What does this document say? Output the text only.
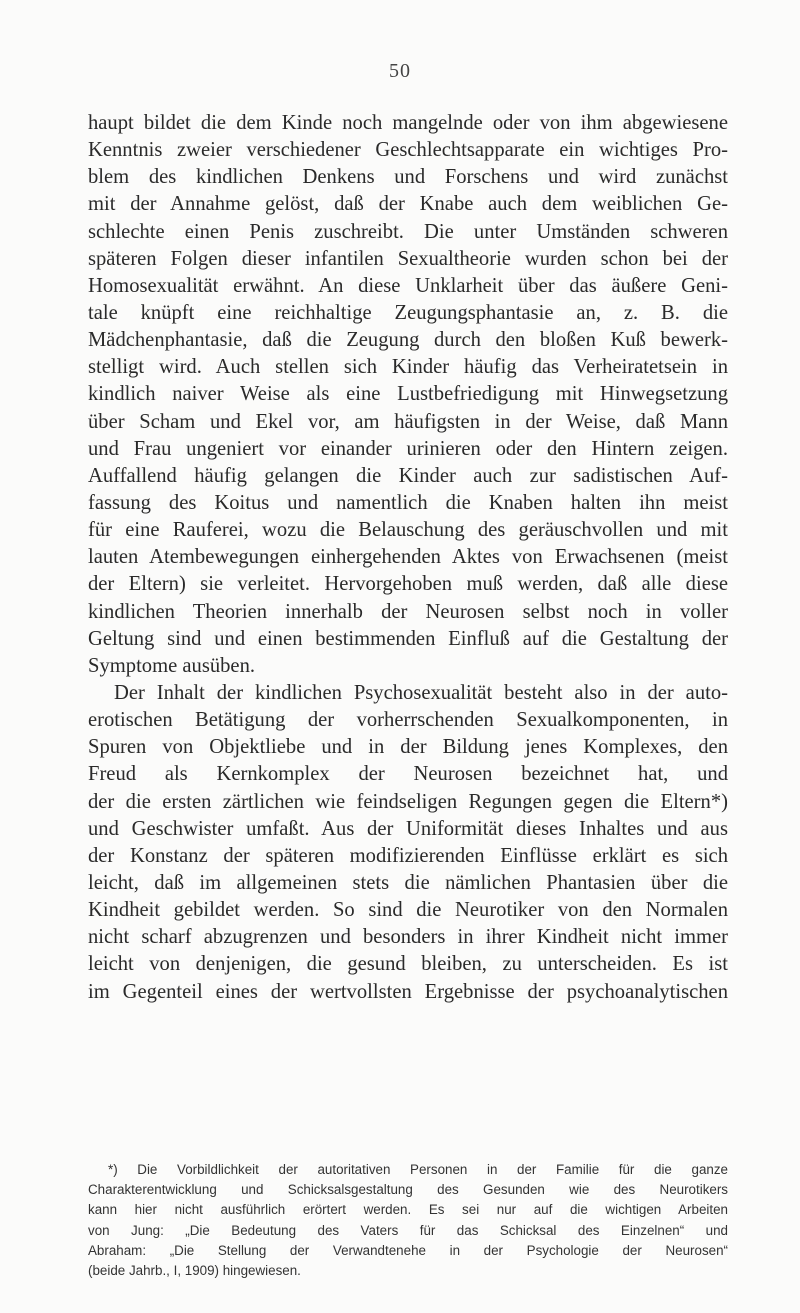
50
haupt bildet die dem Kinde noch mangelnde oder von ihm abgewiesene
Kenntnis zweier verschiedener Geschlechtsapparate ein wichtiges Pro-
blem des kindlichen Denkens und Forschens und wird zunächst
mit der Annahme gelöst, daß der Knabe auch dem weiblichen Ge-
schlechte einen Penis zuschreibt. Die unter Umständen schweren
späteren Folgen dieser infantilen Sexualtheorie wurden schon bei der
Homosexualität erwähnt. An diese Unklarheit über das äußere Geni-
tale knüpft eine reichhaltige Zeugungsphantasie an, z. B. die
Mädchenphantasie, daß die Zeugung durch den bloßen Kuß bewerk-
stelligt wird. Auch stellen sich Kinder häufig das Verheiratetsein in
kindlich naiver Weise als eine Lustbefriedigung mit Hinwegsetzung
über Scham und Ekel vor, am häufigsten in der Weise, daß Mann
und Frau ungeniert vor einander urinieren oder den Hintern zeigen.
Auffallend häufig gelangen die Kinder auch zur sadistischen Auf-
fassung des Koitus und namentlich die Knaben halten ihn meist
für eine Rauferei, wozu die Belauschung des geräuschvollen und mit
lauten Atembewegungen einhergehenden Aktes von Erwachsenen (meist
der Eltern) sie verleitet. Hervorgehoben muß werden, daß alle diese
kindlichen Theorien innerhalb der Neurosen selbst noch in voller
Geltung sind und einen bestimmenden Einfluß auf die Gestaltung der
Symptome ausüben.
Der Inhalt der kindlichen Psychosexualität besteht also in der auto-
erotischen Betätigung der vorherrschenden Sexualkomponenten, in
Spuren von Objektliebe und in der Bildung jenes Komplexes, den
Freud als Kernkomplex der Neurosen bezeichnet hat, und
der die ersten zärtlichen wie feindseligen Regungen gegen die Eltern*)
und Geschwister umfaßt. Aus der Uniformität dieses Inhaltes und aus
der Konstanz der späteren modifizierenden Einflüsse erklärt es sich
leicht, daß im allgemeinen stets die nämlichen Phantasien über die
Kindheit gebildet werden. So sind die Neurotiker von den Normalen
nicht scharf abzugrenzen und besonders in ihrer Kindheit nicht immer
leicht von denjenigen, die gesund bleiben, zu unterscheiden. Es ist
im Gegenteil eines der wertvollsten Ergebnisse der psychoanalytischen
*) Die Vorbildlichkeit der autoritativen Personen in der Familie für die ganze
Charakterentwicklung und Schicksalsgestaltung des Gesunden wie des Neurotikers
kann hier nicht ausführlich erörtert werden. Es sei nur auf die wichtigen Arbeiten
von Jung: „Die Bedeutung des Vaters für das Schicksal des Einzelnen“ und
Abraham: „Die Stellung der Verwandtenehe in der Psychologie der Neurosen“
(beide Jahrb., I, 1909) hingewiesen.
